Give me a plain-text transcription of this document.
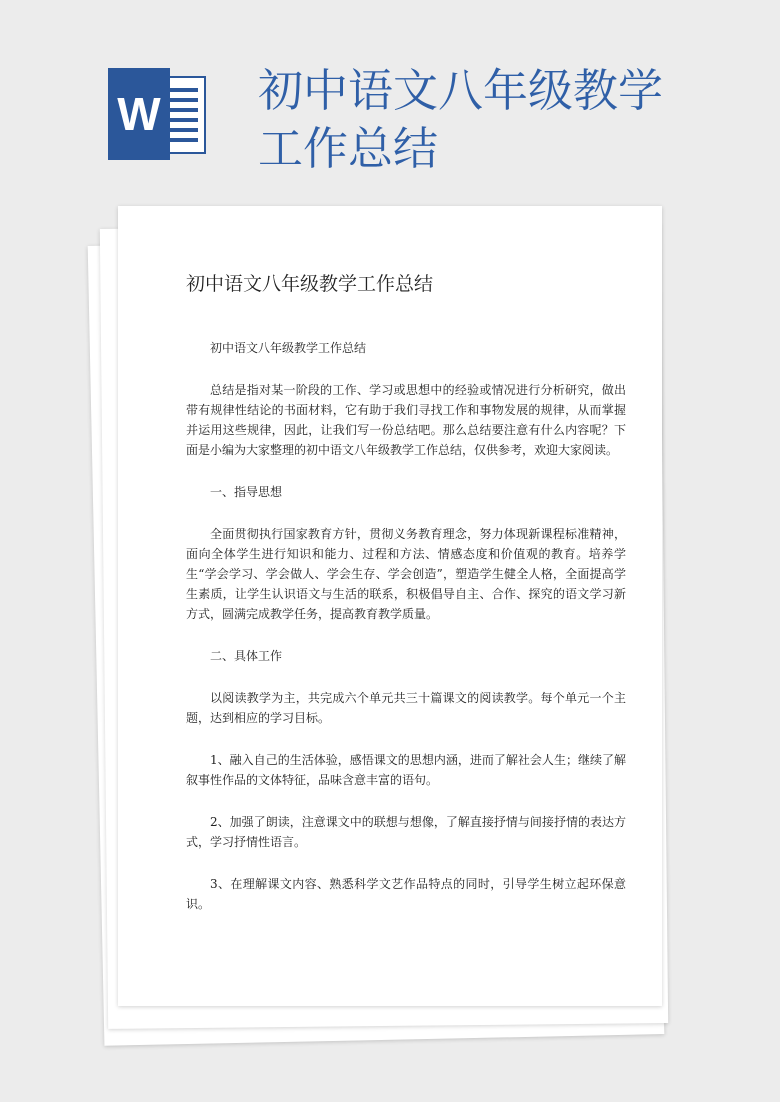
W 初中语文八年级教学工作总结
初中语文八年级教学工作总结

初中语文八年级教学工作总结

总结是指对某一阶段的工作、学习或思想中的经验或情况进行分析研究，做出带有规律性结论的书面材料，它有助于我们寻找工作和事物发展的规律，从而掌握并运用这些规律，因此，让我们写一份总结吧。那么总结要注意有什么内容呢？下面是小编为大家整理的初中语文八年级教学工作总结，仅供参考，欢迎大家阅读。

一、指导思想

全面贯彻执行国家教育方针，贯彻义务教育理念，努力体现新课程标准精神，面向全体学生进行知识和能力、过程和方法、情感态度和价值观的教育。培养学生“学会学习、学会做人、学会生存、学会创造”，塑造学生健全人格，全面提高学生素质，让学生认识语文与生活的联系，积极倡导自主、合作、探究的语文学习新方式，圆满完成教学任务，提高教育教学质量。

二、具体工作

以阅读教学为主，共完成六个单元共三十篇课文的阅读教学。每个单元一个主题，达到相应的学习目标。

1、融入自己的生活体验，感悟课文的思想内涵，进而了解社会人生；继续了解叙事性作品的文体特征，品味含意丰富的语句。

2、加强了朗读，注意课文中的联想与想像，了解直接抒情与间接抒情的表达方式，学习抒情性语言。

3、在理解课文内容、熟悉科学文艺作品特点的同时，引导学生树立起环保意识。
